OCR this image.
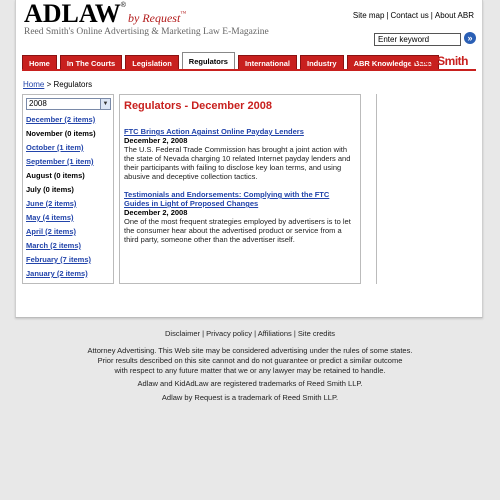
ADLAW®
by Request™
Reed Smith's Online Advertising & Marketing Law E-Magazine
Site map | Contact us | About ABR
Enter keyword	»
Home	In The Courts	Legislation	Regulators	International	Industry	ABR Knowledge Base
ReedSmith
Home > Regulators
2008	▼
December (2 items)
November (0 items)
October (1 item)
September (1 item)
August (0 items)
July (0 items)
June (2 items)
May (4 items)
April (2 items)
March (2 items)
February (7 items)
January (2 items)
Regulators - December 2008
FTC Brings Action Against Online Payday Lenders
December 2, 2008
The U.S. Federal Trade Commission has brought a joint action with the state of Nevada charging 10 related Internet payday lenders and their participants with failing to disclose key loan terms, and using abusive and deceptive collection tactics.
Testimonials and Endorsements: Complying with the FTC Guides in Light of Proposed Changes
December 2, 2008
One of the most frequent strategies employed by advertisers is to let the consumer hear about the advertised product or service from a third party, someone other than the advertiser itself.
Disclaimer | Privacy policy | Affiliations | Site credits
Attorney Advertising. This Web site may be considered advertising under the rules of some states.
Prior results described on this site cannot and do not guarantee or predict a similar outcome
with respect to any future matter that we or any lawyer may be retained to handle.
Adlaw and KidAdLaw are registered trademarks of Reed Smith LLP.
Adlaw by Request is a trademark of Reed Smith LLP.
